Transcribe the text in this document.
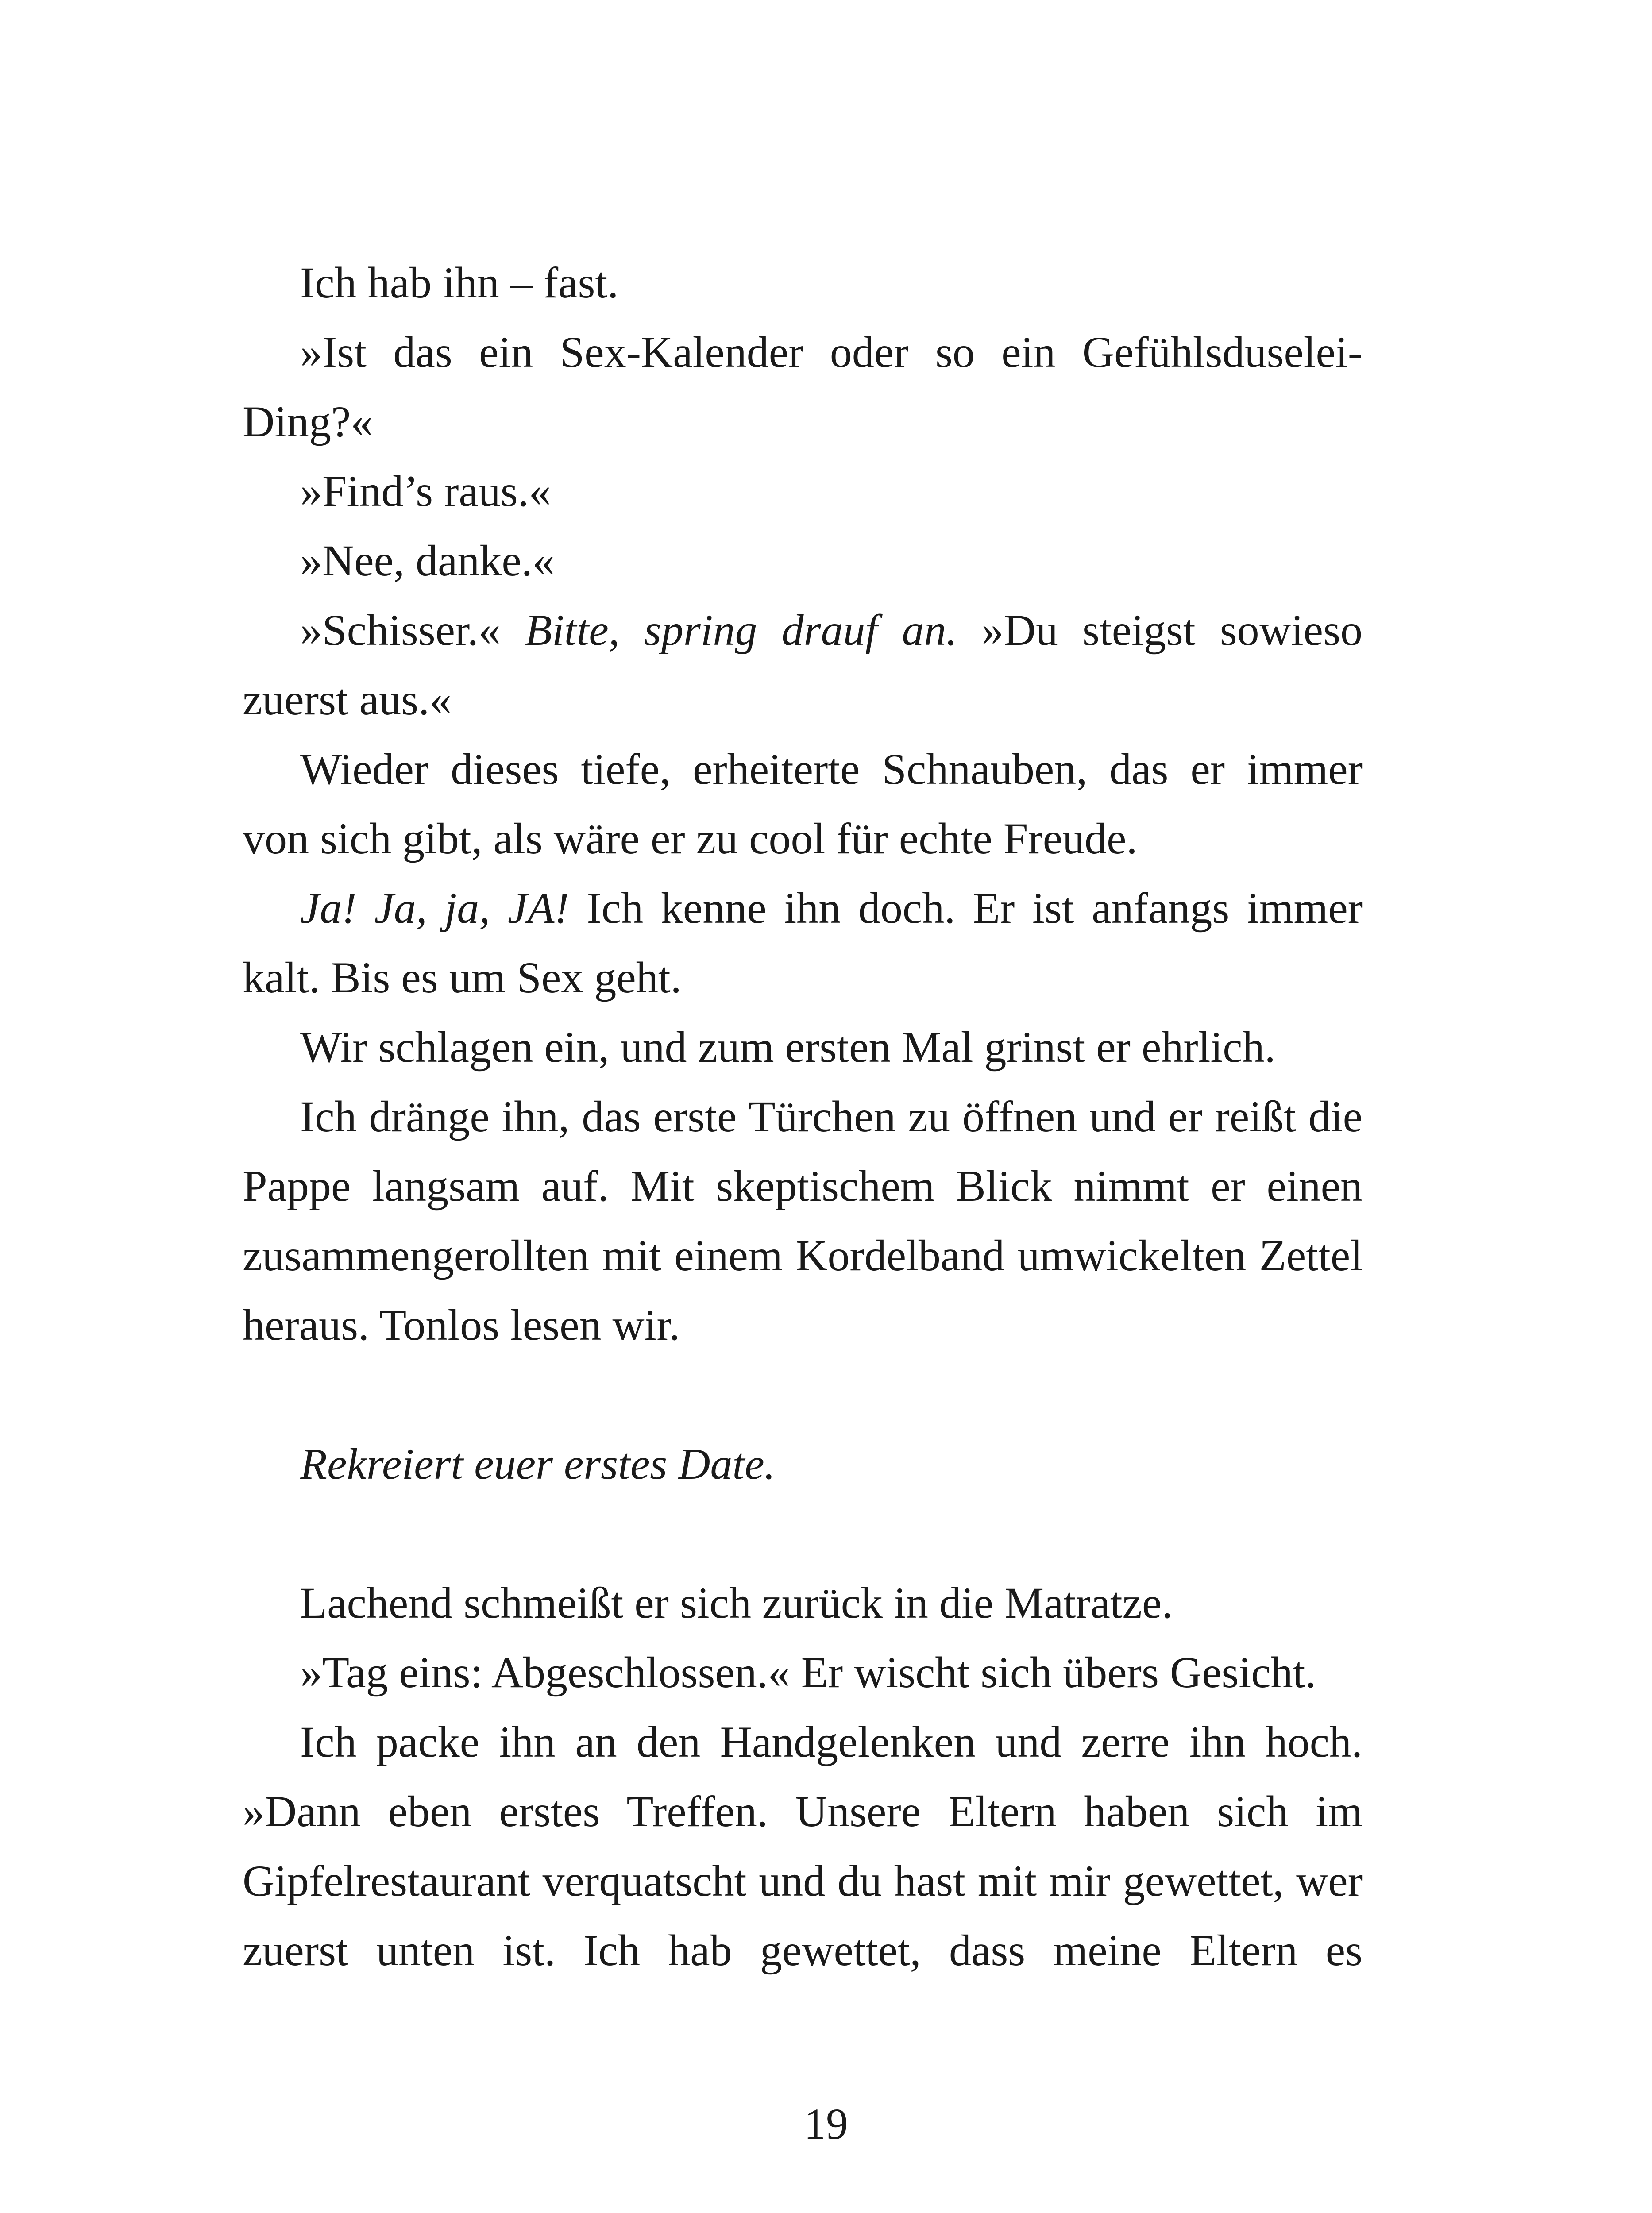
Ich hab ihn – fast.

»Ist das ein Sex-Kalender oder so ein Gefühlsduselei-Ding?«

»Find’s raus.«

»Nee, danke.«

»Schisser.« Bitte, spring drauf an. »Du steigst sowieso zuerst aus.«

Wieder dieses tiefe, erheiterte Schnauben, das er immer von sich gibt, als wäre er zu cool für echte Freude.

Ja! Ja, ja, JA! Ich kenne ihn doch. Er ist anfangs immer kalt. Bis es um Sex geht.

Wir schlagen ein, und zum ersten Mal grinst er ehrlich.

Ich dränge ihn, das erste Türchen zu öffnen und er reißt die Pappe langsam auf. Mit skeptischem Blick nimmt er einen zusammengerollten mit einem Kordelband umwickelten Zettel heraus. Tonlos lesen wir.

Rekreiert euer erstes Date.

Lachend schmeißt er sich zurück in die Matratze.

»Tag eins: Abgeschlossen.« Er wischt sich übers Gesicht.

Ich packe ihn an den Handgelenken und zerre ihn hoch. »Dann eben erstes Treffen. Unsere Eltern haben sich im Gipfelrestaurant verquatscht und du hast mit mir gewettet, wer zuerst unten ist. Ich hab gewettet, dass meine Eltern es

19
